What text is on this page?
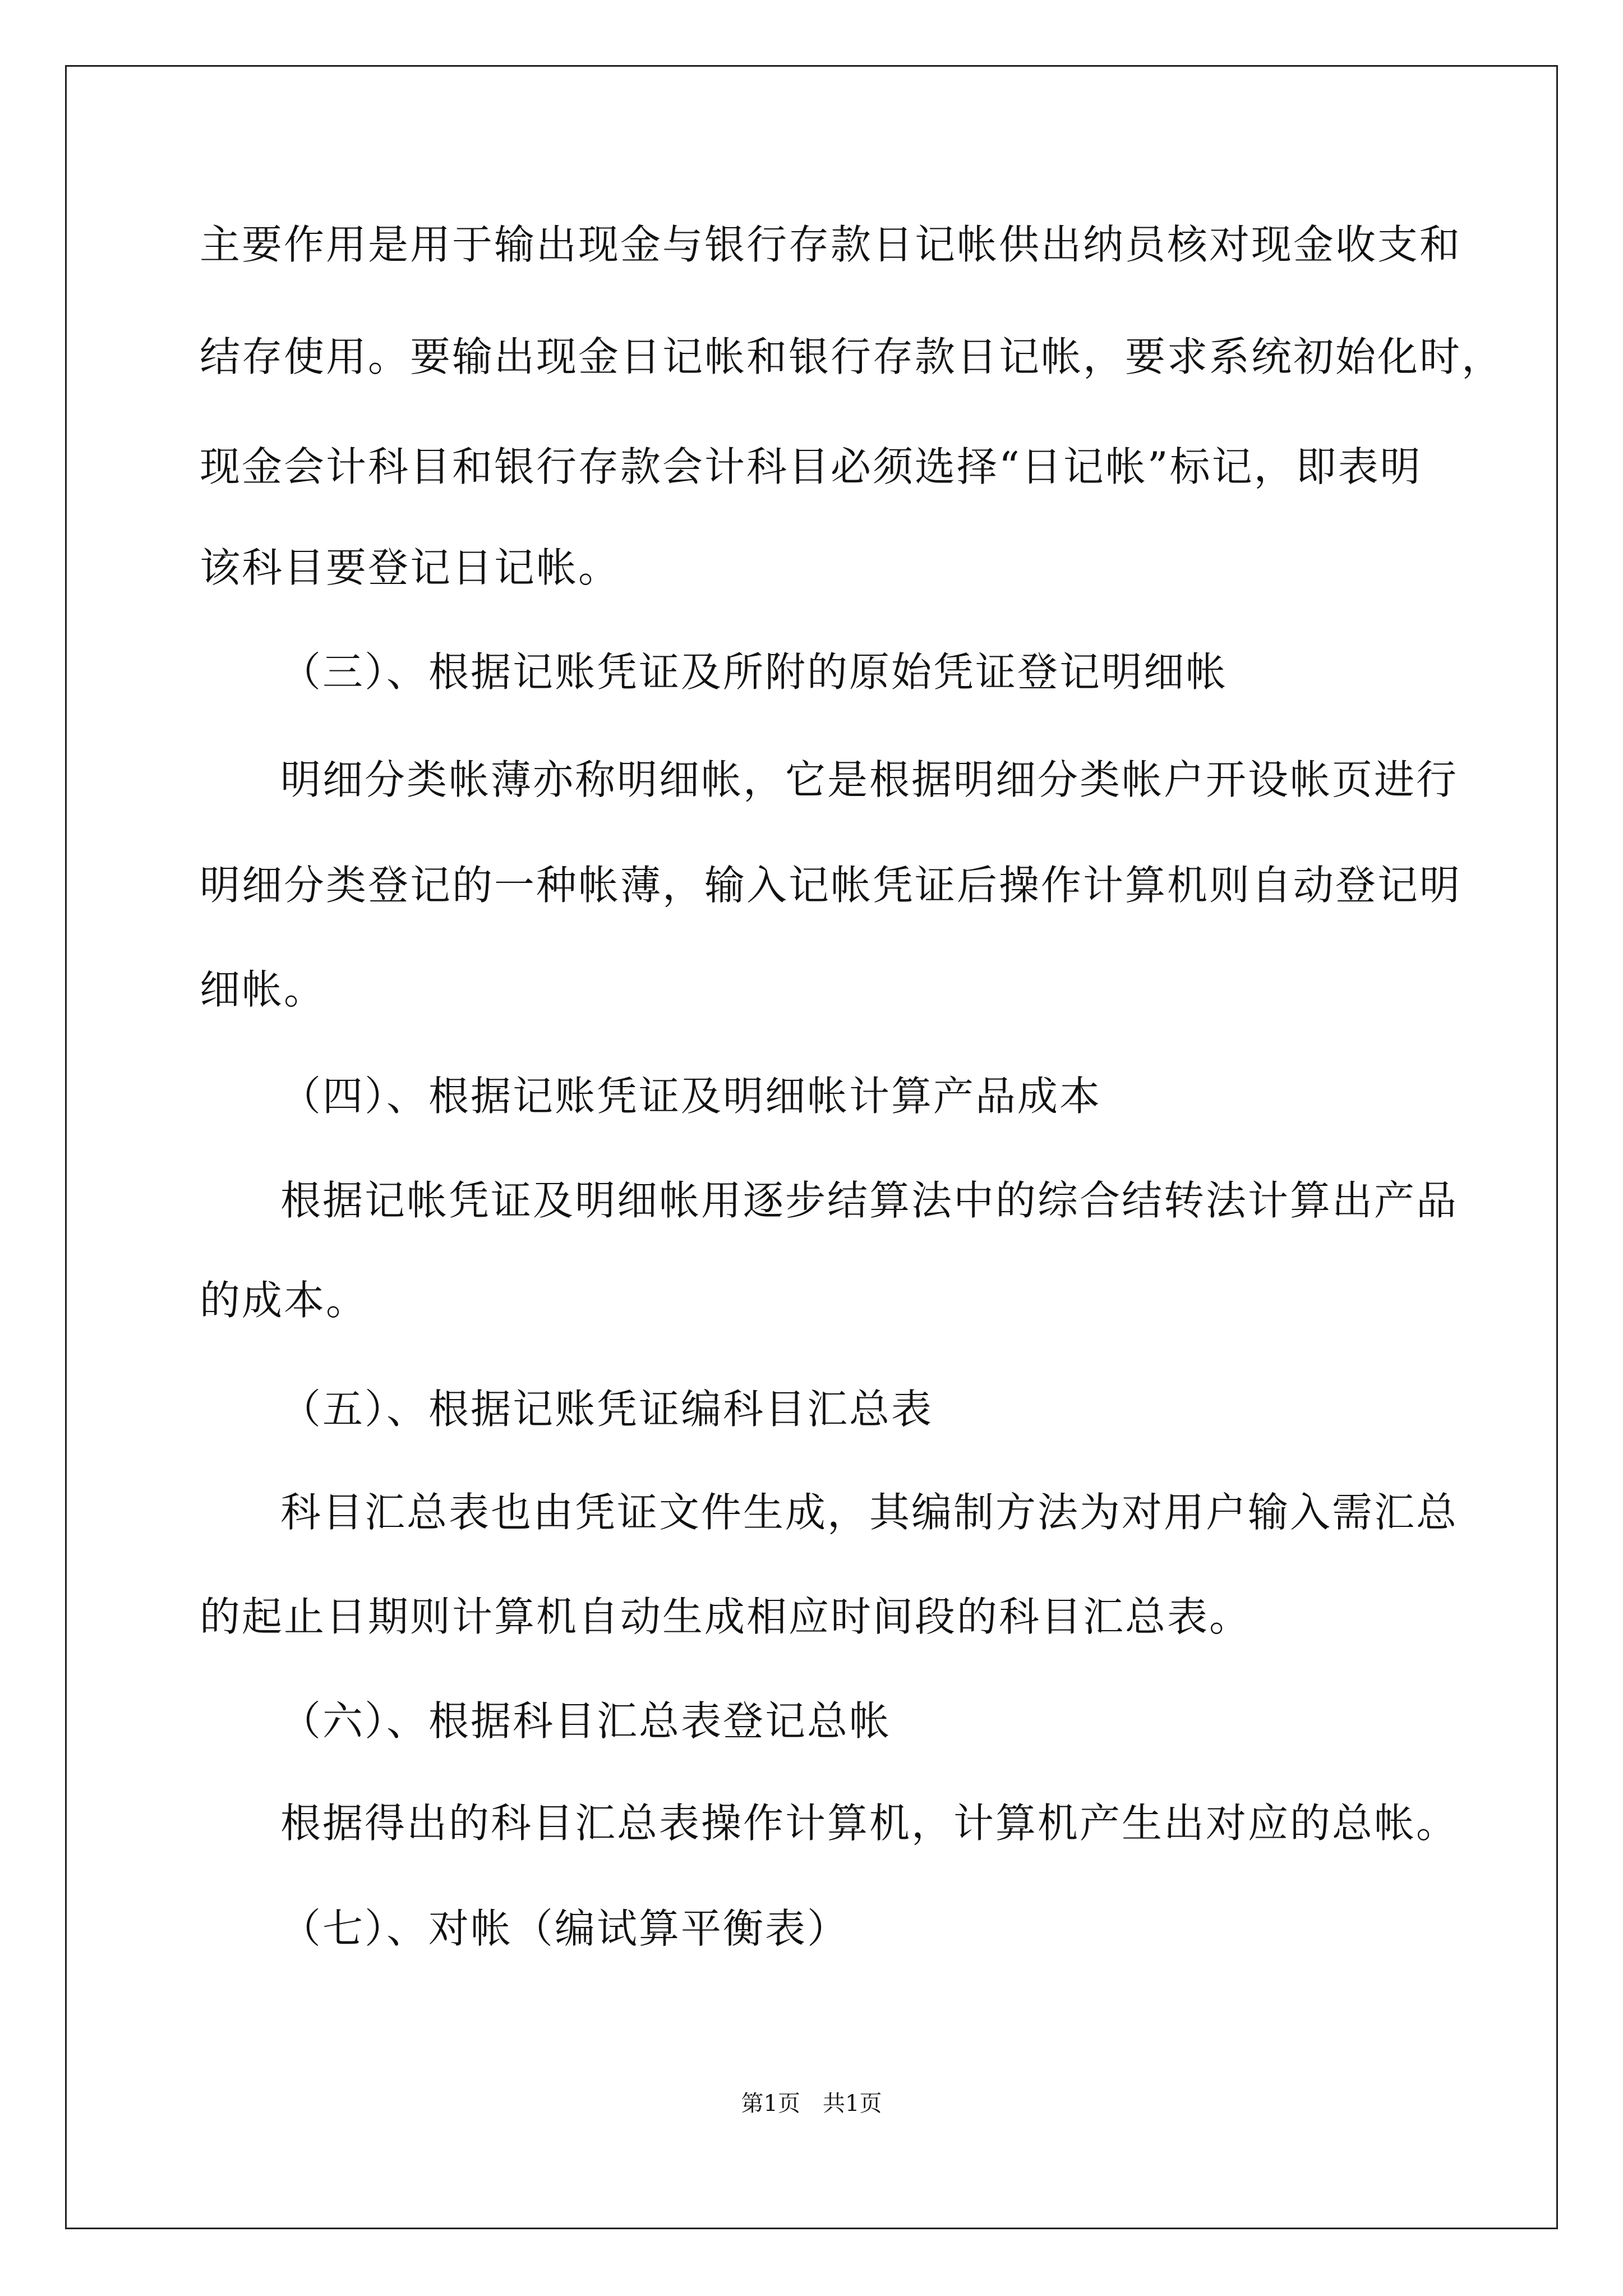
主要作用是用于输出现金与银行存款日记帐供出纳员核对现金收支和
结存使用。要输出现金日记帐和银行存款日记帐，要求系统初始化时，
现金会计科目和银行存款会计科目必须选择“日记帐”标记，即表明
该科目要登记日记帐。
（三）、根据记账凭证及所附的原始凭证登记明细帐
明细分类帐薄亦称明细帐，它是根据明细分类帐户开设帐页进行
明细分类登记的一种帐薄，输入记帐凭证后操作计算机则自动登记明
细帐。
（四）、根据记账凭证及明细帐计算产品成本
根据记帐凭证及明细帐用逐步结算法中的综合结转法计算出产品
的成本。
（五）、根据记账凭证编科目汇总表
科目汇总表也由凭证文件生成，其编制方法为对用户输入需汇总
的起止日期则计算机自动生成相应时间段的科目汇总表。
（六）、根据科目汇总表登记总帐
根据得出的科目汇总表操作计算机，计算机产生出对应的总帐。
（七）、对帐（编试算平衡表）
第1页　共1页
